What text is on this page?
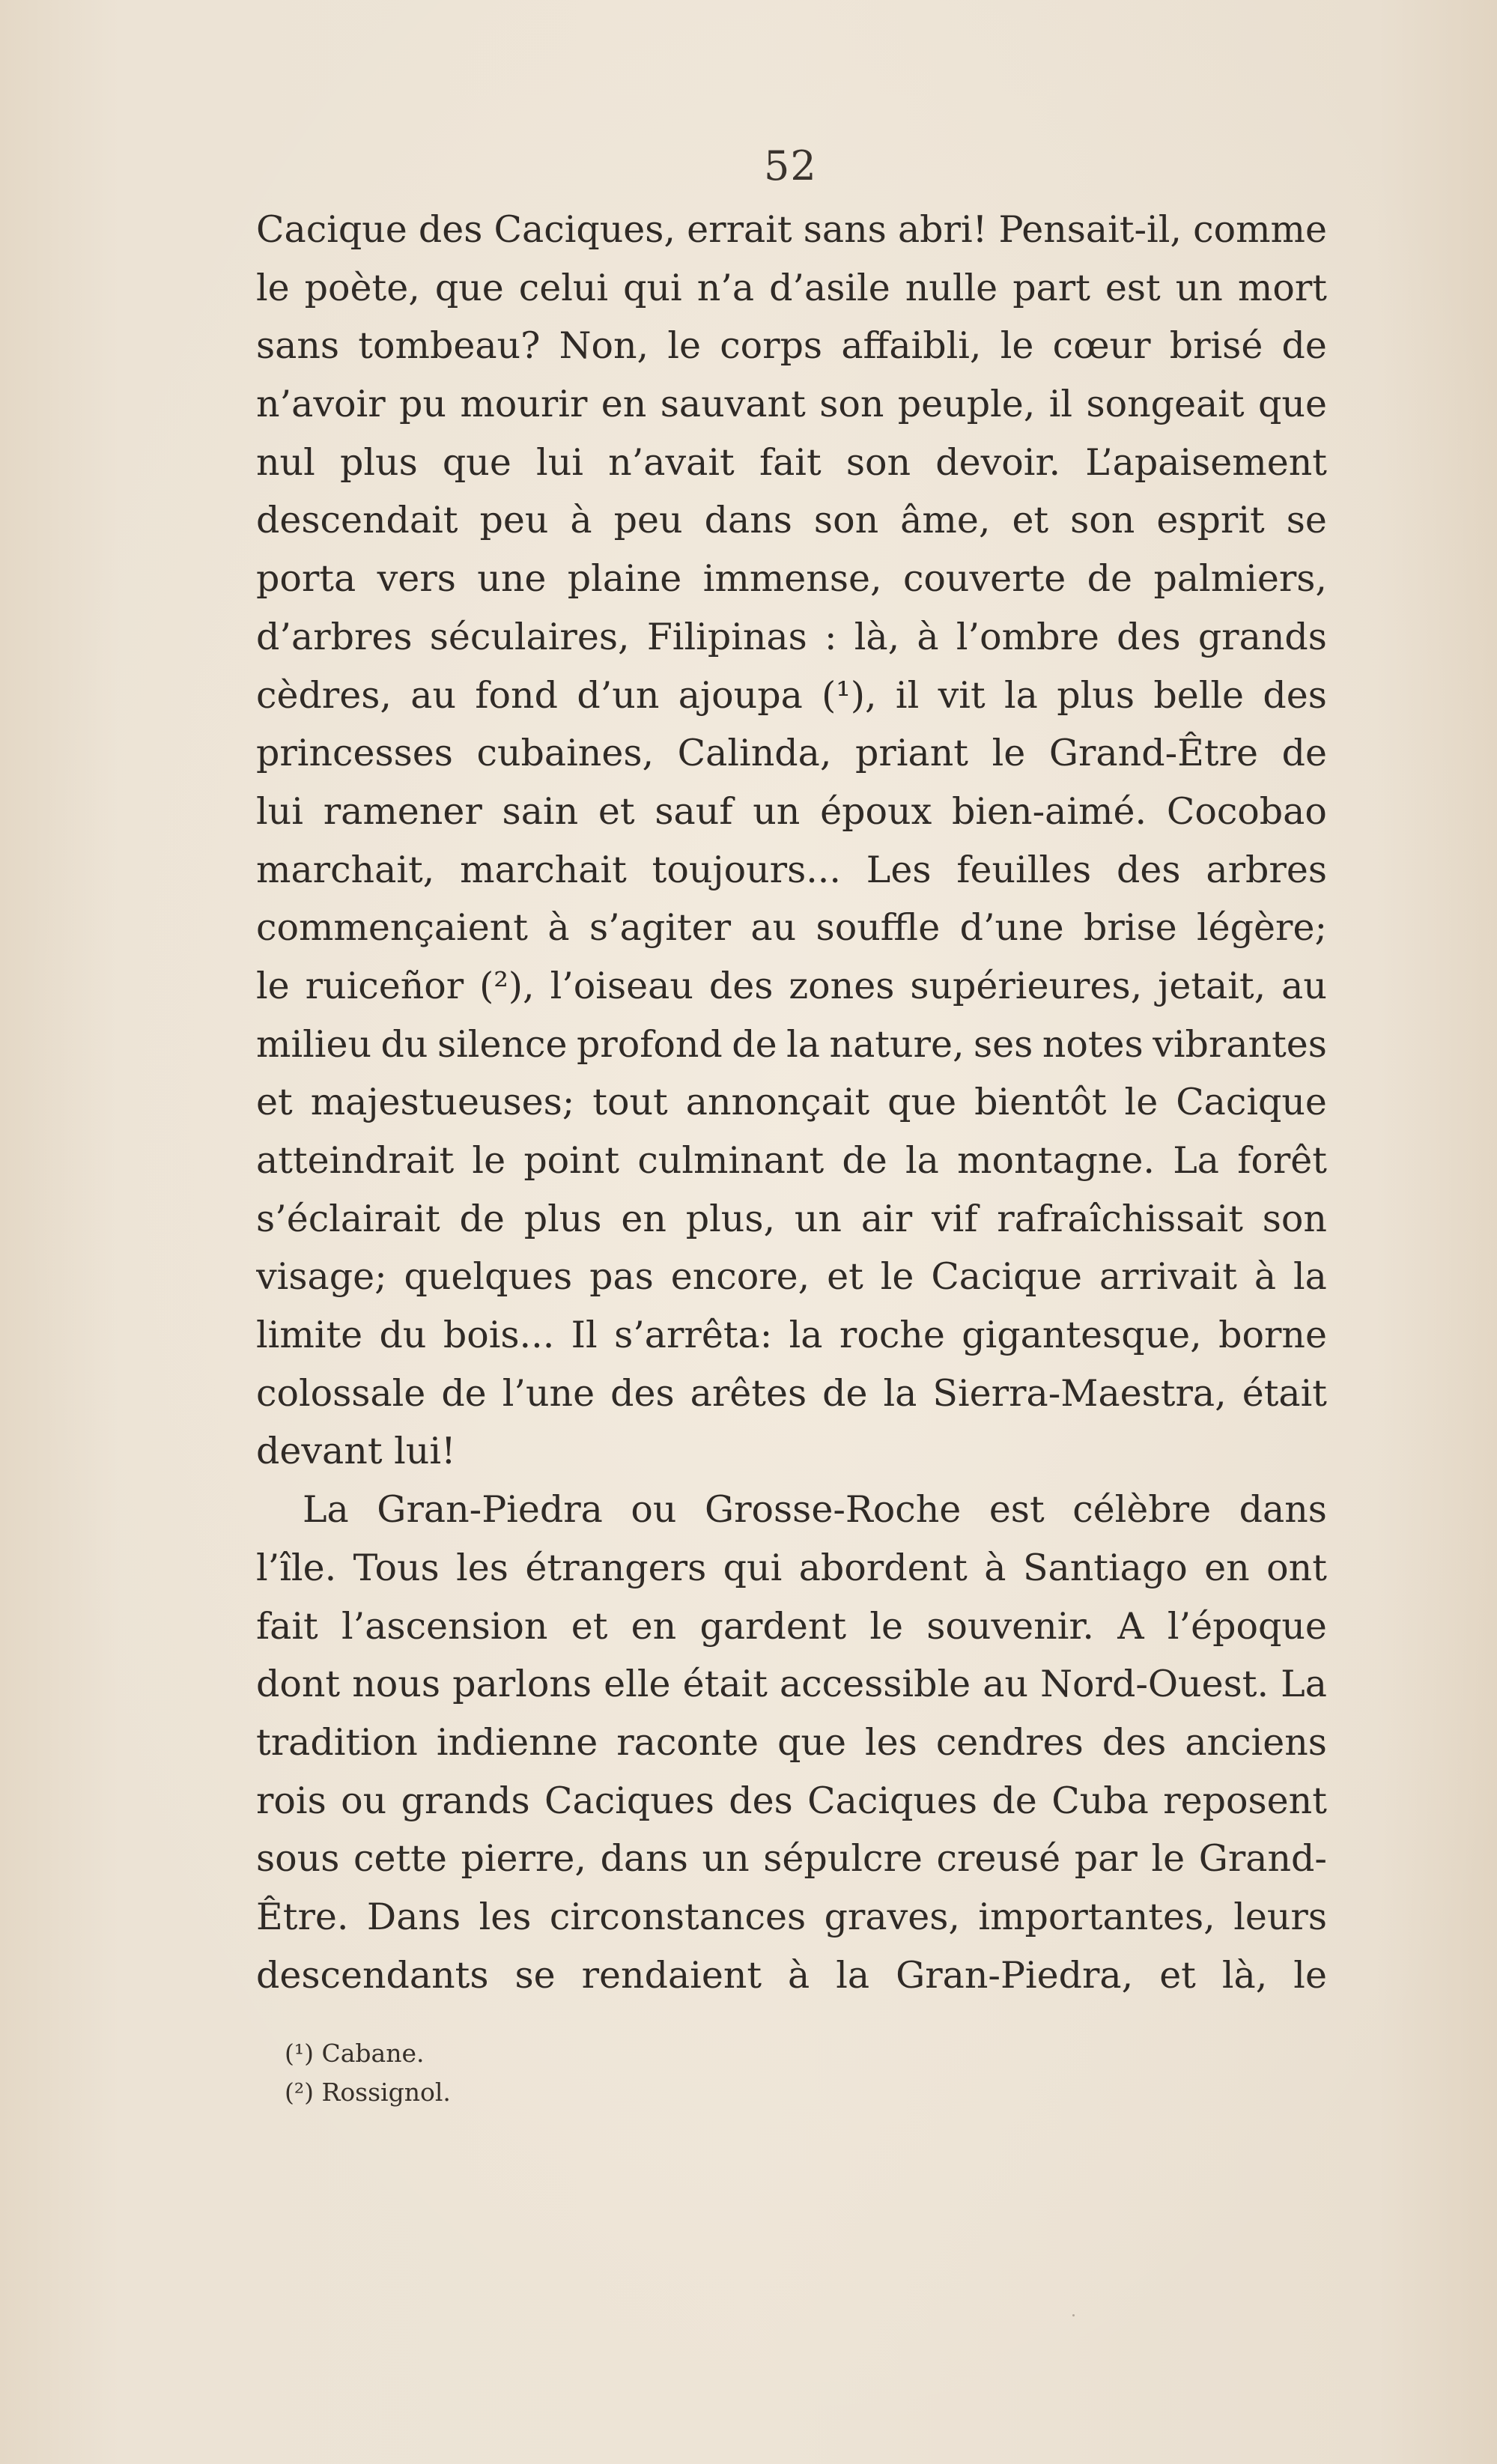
52
Cacique des Caciques, errait sans abri! Pensait-il, comme
le poète, que celui qui n’a d’asile nulle part est un mort
sans tombeau? Non, le corps affaibli, le cœur brisé de
n’avoir pu mourir en sauvant son peuple, il songeait que
nul plus que lui n’avait fait son devoir. L’apaisement
descendait peu à peu dans son âme, et son esprit se
porta vers une plaine immense, couverte de palmiers,
d’arbres séculaires, Filipinas : là, à l’ombre des grands
cèdres, au fond d’un ajoupa (¹), il vit la plus belle des
princesses cubaines, Calinda, priant le Grand-Être de
lui ramener sain et sauf un époux bien-aimé. Cocobao
marchait, marchait toujours... Les feuilles des arbres
commençaient à s’agiter au souffle d’une brise légère;
le ruiceñor (²), l’oiseau des zones supérieures, jetait, au
milieu du silence profond de la nature, ses notes vibrantes
et majestueuses; tout annonçait que bientôt le Cacique
atteindrait le point culminant de la montagne. La forêt
s’éclairait de plus en plus, un air vif rafraîchissait son
visage; quelques pas encore, et le Cacique arrivait à la
limite du bois... Il s’arrêta: la roche gigantesque, borne
colossale de l’une des arêtes de la Sierra-Maestra, était
devant lui!
La Gran-Piedra ou Grosse-Roche est célèbre dans
l’île. Tous les étrangers qui abordent à Santiago en ont
fait l’ascension et en gardent le souvenir. A l’époque
dont nous parlons elle était accessible au Nord-Ouest. La
tradition indienne raconte que les cendres des anciens
rois ou grands Caciques des Caciques de Cuba reposent
sous cette pierre, dans un sépulcre creusé par le Grand-
Être. Dans les circonstances graves, importantes, leurs
descendants se rendaient à la Gran-Piedra, et là, le
(¹) Cabane.
(²) Rossignol.
